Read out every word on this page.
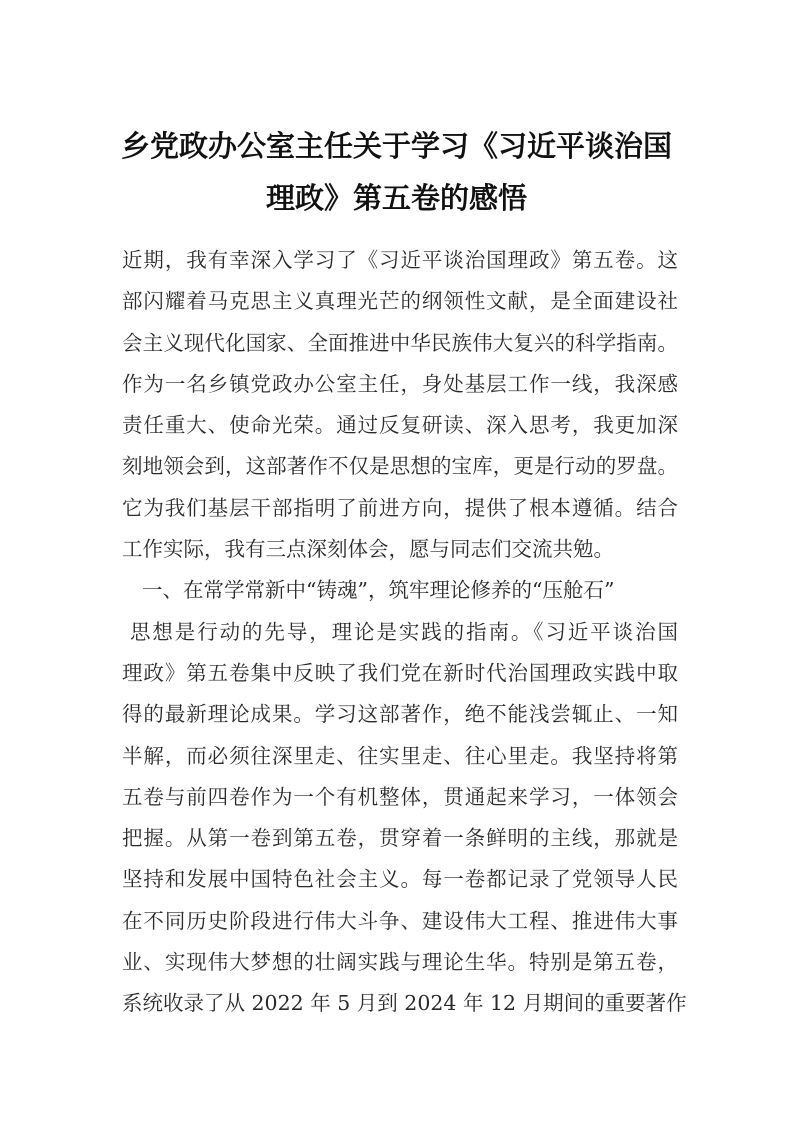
乡党政办公室主任关于学习《习近平谈治国
理政》第五卷的感悟
近期，我有幸深入学习了《习近平谈治国理政》第五卷。这
部闪耀着马克思主义真理光芒的纲领性文献，是全面建设社
会主义现代化国家、全面推进中华民族伟大复兴的科学指南。
作为一名乡镇党政办公室主任，身处基层工作一线，我深感
责任重大、使命光荣。通过反复研读、深入思考，我更加深
刻地领会到，这部著作不仅是思想的宝库，更是行动的罗盘。
它为我们基层干部指明了前进方向，提供了根本遵循。结合
工作实际，我有三点深刻体会，愿与同志们交流共勉。
一、在常学常新中“铸魂”，筑牢理论修养的“压舱石”
思想是行动的先导，理论是实践的指南。《习近平谈治国
理政》第五卷集中反映了我们党在新时代治国理政实践中取
得的最新理论成果。学习这部著作，绝不能浅尝辄止、一知
半解，而必须往深里走、往实里走、往心里走。我坚持将第
五卷与前四卷作为一个有机整体，贯通起来学习，一体领会
把握。从第一卷到第五卷，贯穿着一条鲜明的主线，那就是
坚持和发展中国特色社会主义。每一卷都记录了党领导人民
在不同历史阶段进行伟大斗争、建设伟大工程、推进伟大事
业、实现伟大梦想的壮阔实践与理论生华。特别是第五卷，
系统收录了从 2022 年 5 月到 2024 年 12 月期间的重要著作
